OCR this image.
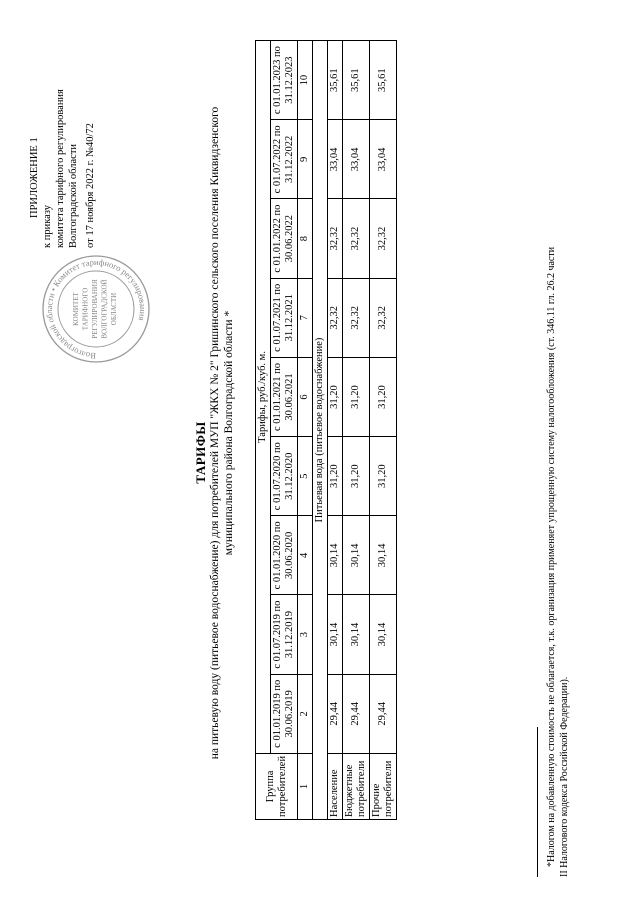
Волгоградской области • Комитет тарифного регулирования
КОМИТЕТ ТАРИФНОГО РЕГУЛИРОВАНИЯ ВОЛГОГРАДСКОЙ ОБЛАСТИ
ПРИЛОЖЕНИЕ 1
к приказу комитета тарифного регулирования Волгоградской области от 17 ноября 2022 г. №40/72
ТАРИФЫ на питьевую воду (питьевое водоснабжение) для потребителей МУП "ЖКХ № 2" Гришинского сельского поселения Киквидзенского муниципального района Волгоградской области *
Группа потребителей	Тарифы, руб./куб. м.								
	с 01.01.2019 по 30.06.2019	с 01.07.2019 по 31.12.2019	с 01.01.2020 по 30.06.2020	с 01.07.2020 по 31.12.2020	с 01.01.2021 по 30.06.2021	с 01.07.2021 по 31.12.2021	с 01.01.2022 по 30.06.2022	с 01.07.2022 по 31.12.2022	с 01.01.2023 по 31.12.2023
1	2	3	4	5	6	7	8	9	10
Питьевая вода (питьевое водоснабжение)									
Население	29,44	30,14	30,14	31,20	31,20	32,32	32,32	33,04	35,61
Бюджетные потребители	29,44	30,14	30,14	31,20	31,20	32,32	32,32	33,04	35,61
Прочие потребители	29,44	30,14	30,14	31,20	31,20	32,32	32,32	33,04	35,61
*Налогом на добавленную стоимость не облагается, т.к. организация применяет упрощенную систему налогообложения (ст. 346.11 гл. 26.2 части II Налогового кодекса Российской Федерации).
